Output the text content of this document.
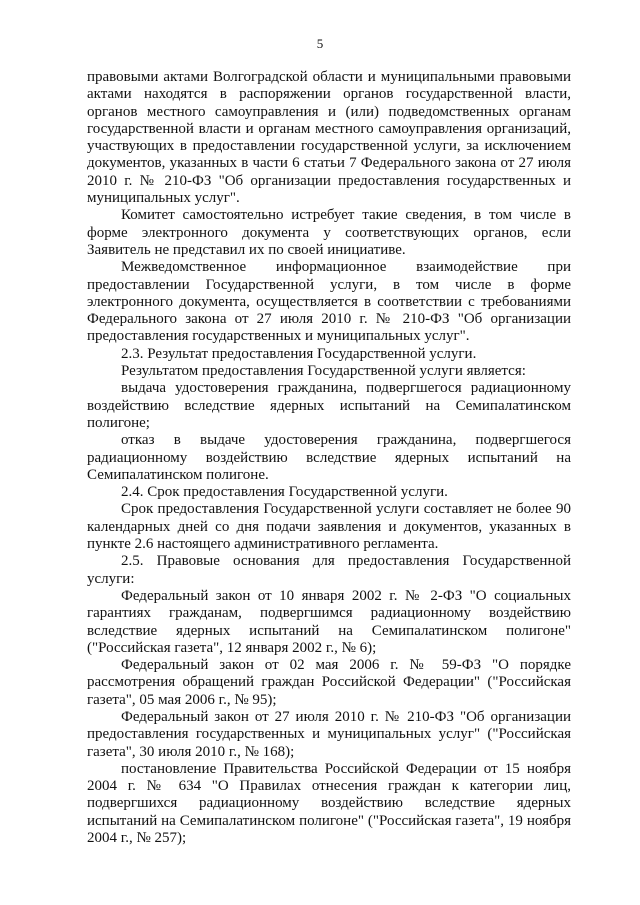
5

правовыми актами Волгоградской области и муниципальными правовыми актами находятся в распоряжении органов государственной власти, органов местного самоуправления и (или) подведомственных органам государственной власти и органам местного самоуправления организаций, участвующих в предоставлении государственной услуги, за исключением документов, указанных в части 6 статьи 7 Федерального закона от 27 июля 2010 г. № 210-ФЗ "Об организации предоставления государственных и муниципальных услуг".

Комитет самостоятельно истребует такие сведения, в том числе в форме электронного документа у соответствующих органов, если Заявитель не представил их по своей инициативе.

Межведомственное информационное взаимодействие при предоставлении Государственной услуги, в том числе в форме электронного документа, осуществляется в соответствии с требованиями Федерального закона от 27 июля 2010 г. № 210-ФЗ "Об организации предоставления государственных и муниципальных услуг".

2.3. Результат предоставления Государственной услуги.

Результатом предоставления Государственной услуги является:

выдача удостоверения гражданина, подвергшегося радиационному воздействию вследствие ядерных испытаний на Семипалатинском полигоне;

отказ в выдаче удостоверения гражданина, подвергшегося радиационному воздействию вследствие ядерных испытаний на Семипалатинском полигоне.

2.4. Срок предоставления Государственной услуги.

Срок предоставления Государственной услуги составляет не более 90 календарных дней со дня подачи заявления и документов, указанных в пункте 2.6 настоящего административного регламента.

2.5. Правовые основания для предоставления Государственной услуги:

Федеральный закон от 10 января 2002 г. № 2-ФЗ "О социальных гарантиях гражданам, подвергшимся радиационному воздействию вследствие ядерных испытаний на Семипалатинском полигоне" ("Российская газета", 12 января 2002 г., № 6);

Федеральный закон от 02 мая 2006 г. № 59-ФЗ "О порядке рассмотрения обращений граждан Российской Федерации" ("Российская газета", 05 мая 2006 г., № 95);

Федеральный закон от 27 июля 2010 г. № 210-ФЗ "Об организации предоставления государственных и муниципальных услуг" ("Российская газета", 30 июля 2010 г., № 168);

постановление Правительства Российской Федерации от 15 ноября 2004 г. № 634 "О Правилах отнесения граждан к категории лиц, подвергшихся радиационному воздействию вследствие ядерных испытаний на Семипалатинском полигоне" ("Российская газета", 19 ноября 2004 г., № 257);
